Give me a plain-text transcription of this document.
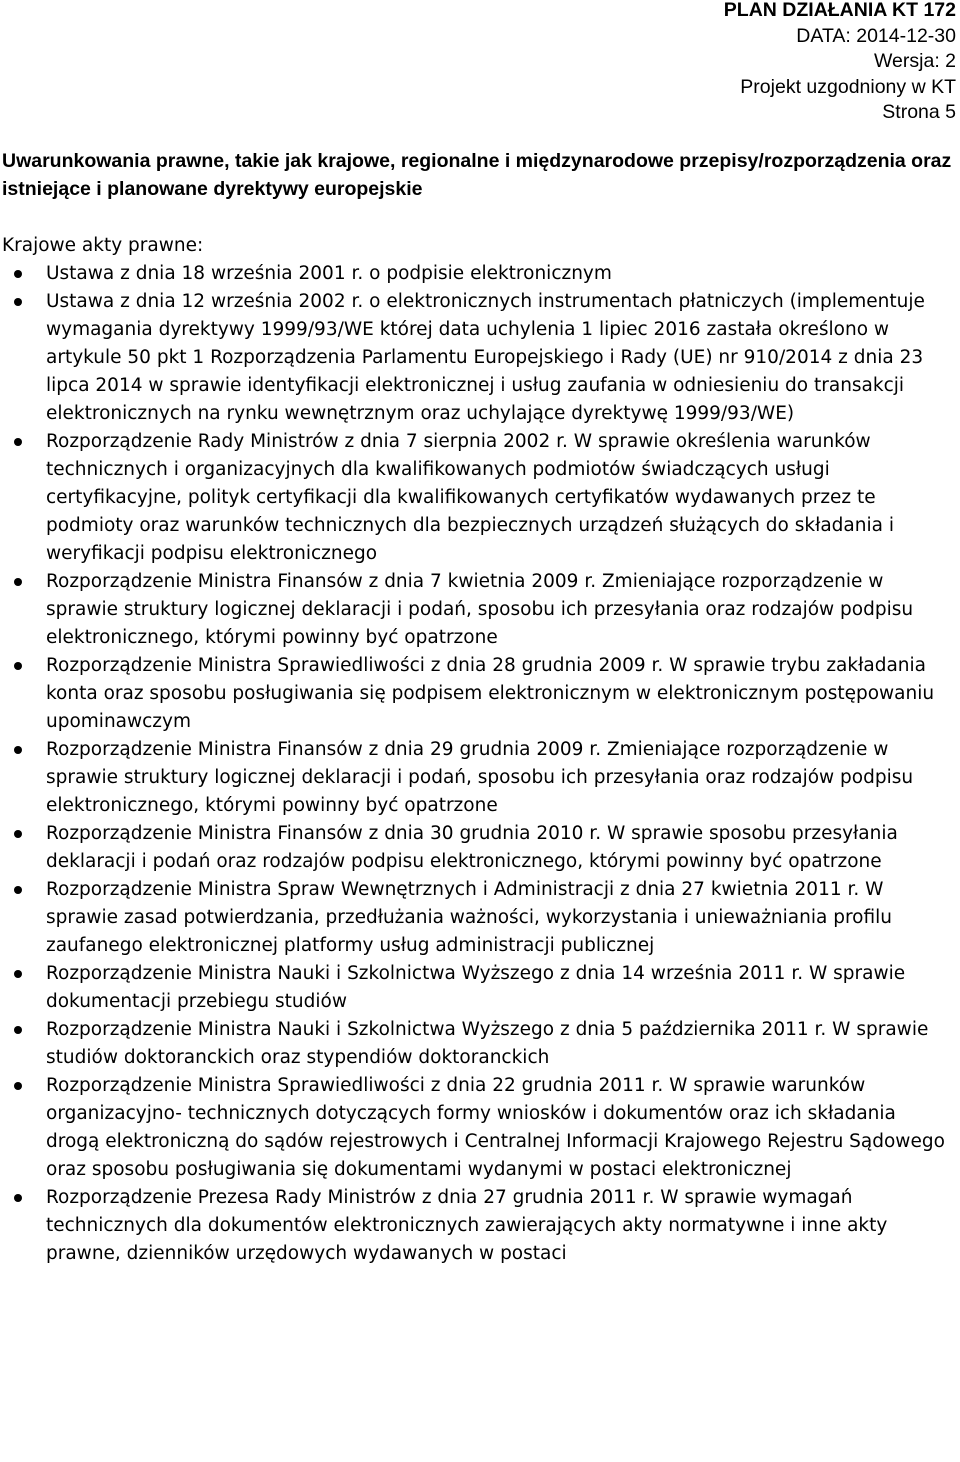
PLAN DZIAŁANIA KT 172
DATA: 2014-12-30
Wersja: 2
Projekt uzgodniony w KT
Strona 5
Uwarunkowania prawne, takie jak krajowe, regionalne i międzynarodowe przepisy/rozporządzenia oraz istniejące i planowane dyrektywy europejskie
Krajowe akty prawne:
Ustawa z dnia 18 września 2001 r. o podpisie elektronicznym
Ustawa z dnia 12 września 2002 r. o elektronicznych instrumentach płatniczych (implementuje wymagania dyrektywy 1999/93/WE której data uchylenia 1 lipiec 2016 zastała określono w artykule 50 pkt 1 Rozporządzenia Parlamentu Europejskiego i Rady (UE) nr 910/2014 z dnia 23 lipca 2014 w sprawie identyfikacji elektronicznej i usług zaufania w odniesieniu do transakcji elektronicznych na rynku wewnętrznym oraz uchylające dyrektywę 1999/93/WE)
Rozporządzenie Rady Ministrów z dnia 7 sierpnia 2002 r. W sprawie określenia warunków technicznych i organizacyjnych dla kwalifikowanych podmiotów świadczących usługi certyfikacyjne, polityk certyfikacji dla kwalifikowanych certyfikatów wydawanych przez te podmioty oraz warunków technicznych dla bezpiecznych urządzeń służących do składania i weryfikacji podpisu elektronicznego
Rozporządzenie Ministra Finansów z dnia 7 kwietnia 2009 r. Zmieniające rozporządzenie w sprawie struktury logicznej deklaracji i podań, sposobu ich przesyłania oraz rodzajów podpisu elektronicznego, którymi powinny być opatrzone
Rozporządzenie Ministra Sprawiedliwości z dnia 28 grudnia 2009 r. W sprawie trybu zakładania konta oraz sposobu posługiwania się podpisem elektronicznym w elektronicznym postępowaniu upominawczym
Rozporządzenie Ministra Finansów z dnia 29 grudnia 2009 r. Zmieniające rozporządzenie w sprawie struktury logicznej deklaracji i podań, sposobu ich przesyłania oraz rodzajów podpisu elektronicznego, którymi powinny być opatrzone
Rozporządzenie Ministra Finansów z dnia 30 grudnia 2010 r. W sprawie sposobu przesyłania deklaracji i podań oraz rodzajów podpisu elektronicznego, którymi powinny być opatrzone
Rozporządzenie Ministra Spraw Wewnętrznych i Administracji z dnia 27 kwietnia 2011 r. W sprawie zasad potwierdzania, przedłużania ważności, wykorzystania i unieważniania profilu zaufanego elektronicznej platformy usług administracji publicznej
Rozporządzenie Ministra Nauki i Szkolnictwa Wyższego z dnia 14 września 2011 r. W sprawie dokumentacji przebiegu studiów
Rozporządzenie Ministra Nauki i Szkolnictwa Wyższego z dnia 5 października 2011 r. W sprawie studiów doktoranckich oraz stypendiów doktoranckich
Rozporządzenie Ministra Sprawiedliwości z dnia 22 grudnia 2011 r. W sprawie warunków organizacyjno- technicznych dotyczących formy wniosków i dokumentów oraz ich składania drogą elektroniczną do sądów rejestrowych i Centralnej Informacji Krajowego Rejestru Sądowego oraz sposobu posługiwania się dokumentami wydanymi w postaci elektronicznej
Rozporządzenie Prezesa Rady Ministrów z dnia 27 grudnia 2011 r. W sprawie wymagań technicznych dla dokumentów elektronicznych zawierających akty normatywne i inne akty prawne, dzienników urzędowych wydawanych w postaci
